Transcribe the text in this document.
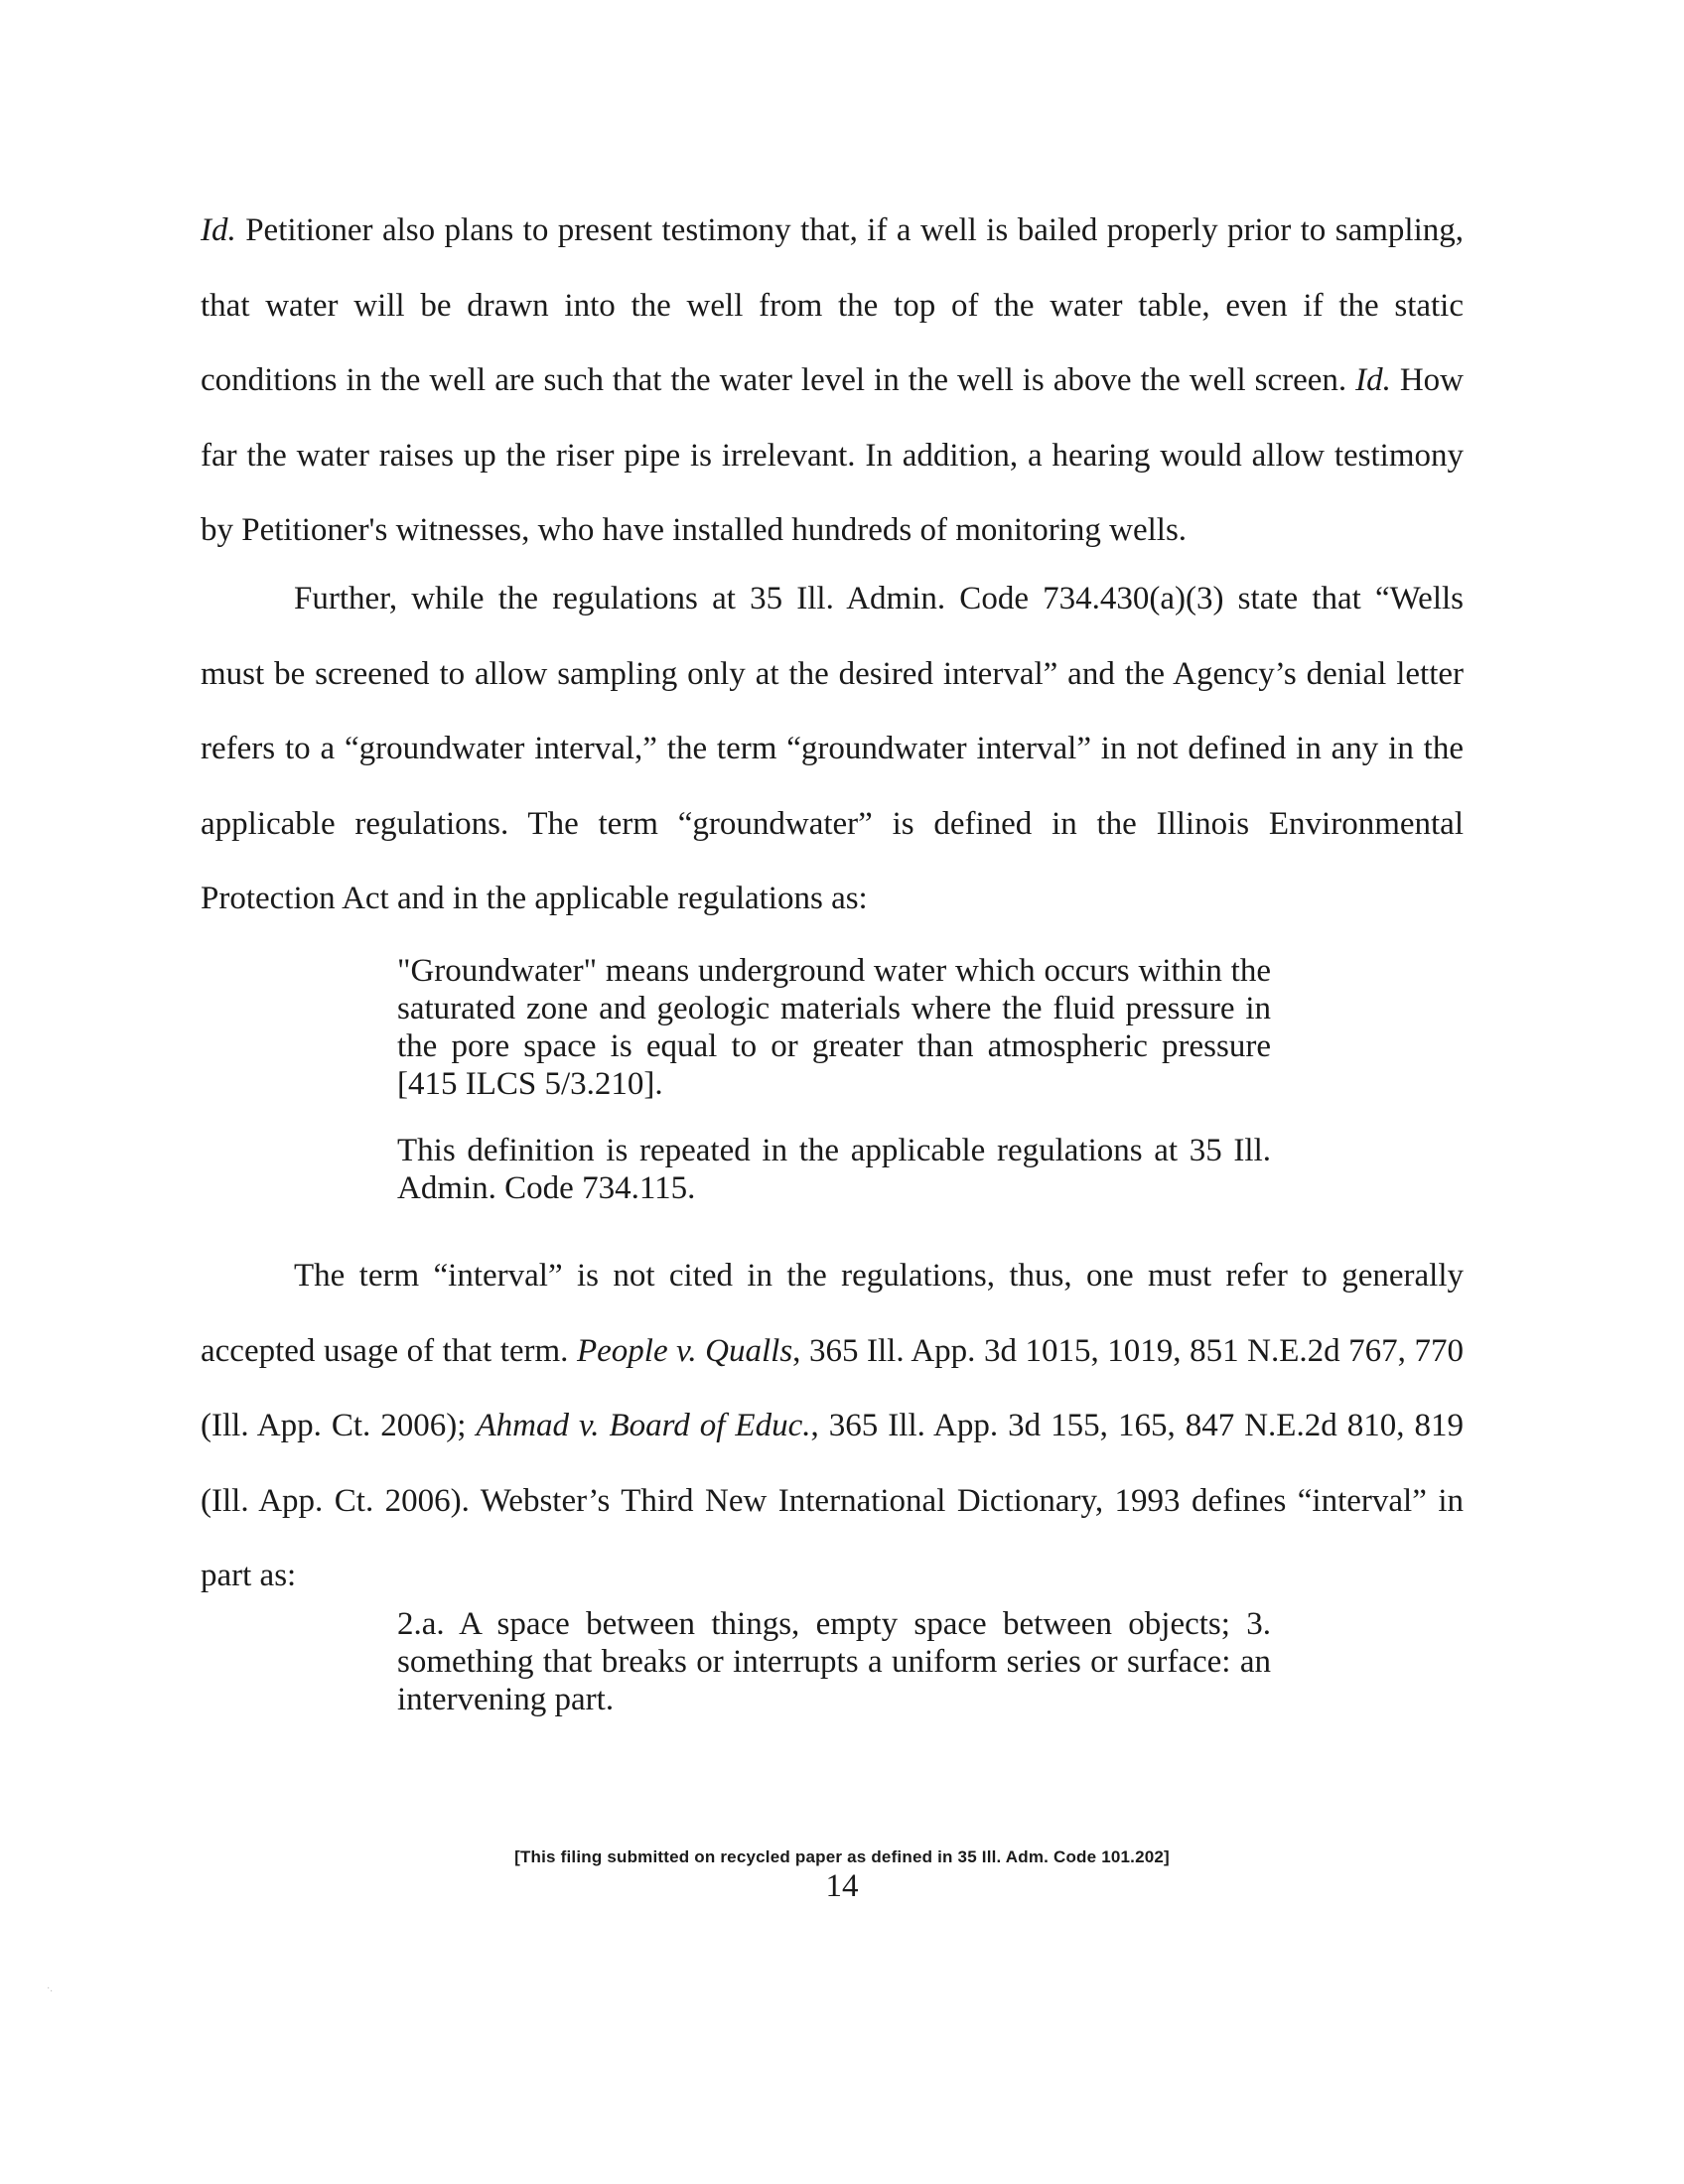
Id. Petitioner also plans to present testimony that, if a well is bailed properly prior to sampling, that water will be drawn into the well from the top of the water table, even if the static conditions in the well are such that the water level in the well is above the well screen. Id. How far the water raises up the riser pipe is irrelevant. In addition, a hearing would allow testimony by Petitioner's witnesses, who have installed hundreds of monitoring wells.
Further, while the regulations at 35 Ill. Admin. Code 734.430(a)(3) state that “Wells must be screened to allow sampling only at the desired interval” and the Agency’s denial letter refers to a “groundwater interval,” the term “groundwater interval” in not defined in any in the applicable regulations. The term “groundwater” is defined in the Illinois Environmental Protection Act and in the applicable regulations as:
"Groundwater" means underground water which occurs within the saturated zone and geologic materials where the fluid pressure in the pore space is equal to or greater than atmospheric pressure [415 ILCS 5/3.210].
This definition is repeated in the applicable regulations at 35 Ill. Admin. Code 734.115.
The term “interval” is not cited in the regulations, thus, one must refer to generally accepted usage of that term. People v. Qualls, 365 Ill. App. 3d 1015, 1019, 851 N.E.2d 767, 770 (Ill. App. Ct. 2006); Ahmad v. Board of Educ., 365 Ill. App. 3d 155, 165, 847 N.E.2d 810, 819 (Ill. App. Ct. 2006). Webster’s Third New International Dictionary, 1993 defines “interval” in part as:
2.a. A space between things, empty space between objects; 3. something that breaks or interrupts a uniform series or surface: an intervening part.
[This filing submitted on recycled paper as defined in 35 Ill. Adm. Code 101.202]
14
·.
